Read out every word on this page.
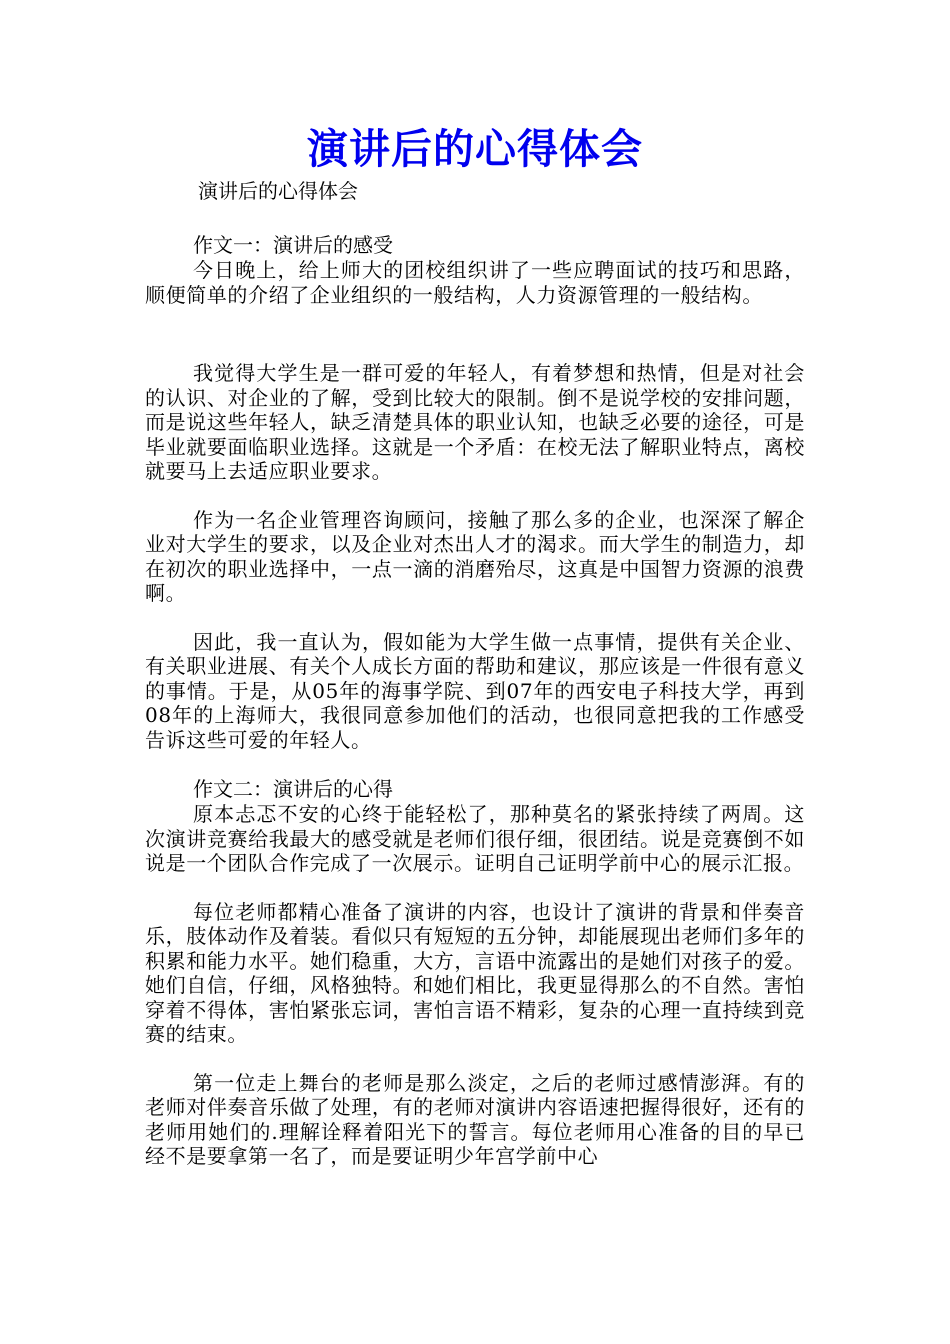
演讲后的心得体会

演讲后的心得体会

作文一：演讲后的感受

今日晚上，给上师大的团校组织讲了一些应聘面试的技巧和思路，顺便简单的介绍了企业组织的一般结构，人力资源管理的一般结构。

我觉得大学生是一群可爱的年轻人，有着梦想和热情，但是对社会的认识、对企业的了解，受到比较大的限制。倒不是说学校的安排问题，而是说这些年轻人，缺乏清楚具体的职业认知，也缺乏必要的途径，可是毕业就要面临职业选择。这就是一个矛盾：在校无法了解职业特点，离校就要马上去适应职业要求。

作为一名企业管理咨询顾问，接触了那么多的企业，也深深了解企业对大学生的要求，以及企业对杰出人才的渴求。而大学生的制造力，却在初次的职业选择中，一点一滴的消磨殆尽，这真是中国智力资源的浪费啊。

因此，我一直认为，假如能为大学生做一点事情，提供有关企业、有关职业进展、有关个人成长方面的帮助和建议，那应该是一件很有意义的事情。于是，从05年的海事学院、到07年的西安电子科技大学，再到08年的上海师大，我很同意参加他们的活动，也很同意把我的工作感受告诉这些可爱的年轻人。

作文二：演讲后的心得

原本忐忑不安的心终于能轻松了，那种莫名的紧张持续了两周。这次演讲竞赛给我最大的感受就是老师们很仔细，很团结。说是竞赛倒不如说是一个团队合作完成了一次展示。证明自己证明学前中心的展示汇报。

每位老师都精心准备了演讲的内容，也设计了演讲的背景和伴奏音乐，肢体动作及着装。看似只有短短的五分钟，却能展现出老师们多年的积累和能力水平。她们稳重，大方，言语中流露出的是她们对孩子的爱。她们自信，仔细，风格独特。和她们相比，我更显得那么的不自然。害怕穿着不得体，害怕紧张忘词，害怕言语不精彩，复杂的心理一直持续到竞赛的结束。

第一位走上舞台的老师是那么淡定，之后的老师过感情澎湃。有的老师对伴奏音乐做了处理，有的老师对演讲内容语速把握得很好，还有的老师用她们的.理解诠释着阳光下的誓言。每位老师用心准备的目的早已经不是要拿第一名了，而是要证明少年宫学前中心
